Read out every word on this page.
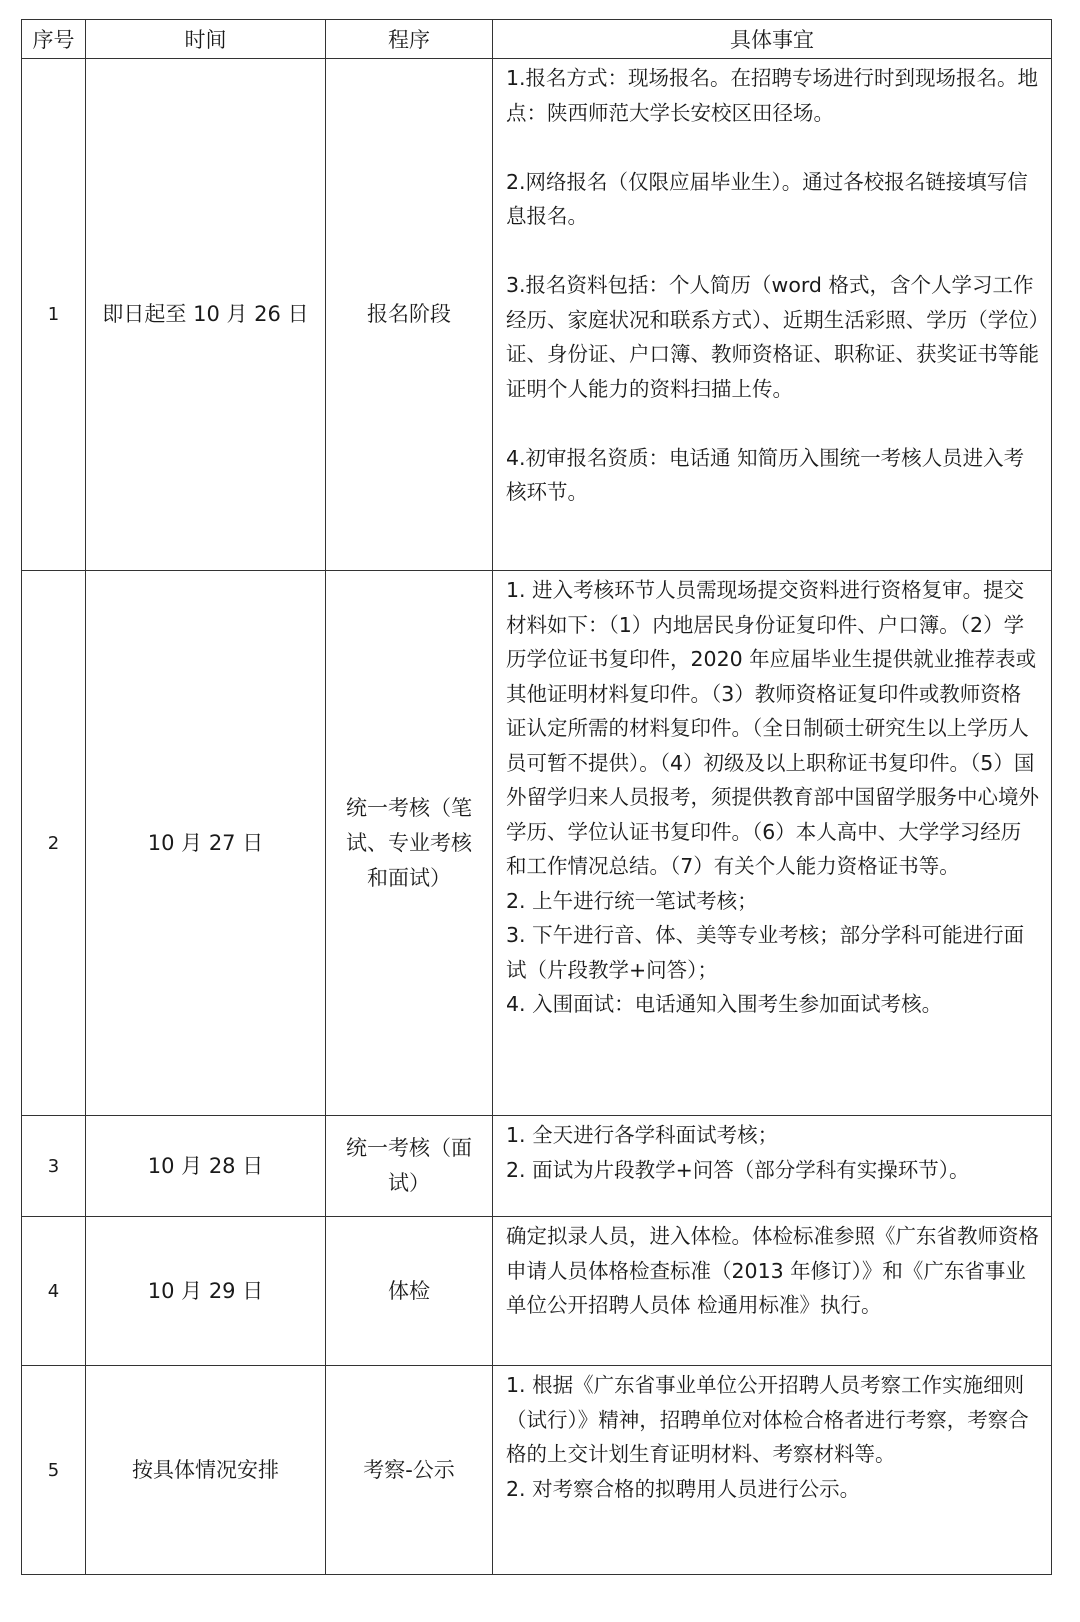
序号	时间	程序	具体事宜
1	即日起至 10 月 26 日	报名阶段	1.报名方式：现场报名。在招聘专场进行时到现场报名。地点：陕西师范大学长安校区田径场。

2.网络报名（仅限应届毕业生）。通过各校报名链接填写信息报名。

3.报名资料包括：个人简历（word 格式，含个人学习工作经历、家庭状况和联系方式）、近期生活彩照、学历（学位）证、身份证、户口簿、教师资格证、职称证、获奖证书等能证明个人能力的资料扫描上传。

4.初审报名资质：电话通 知简历入围统一考核人员进入考核环节。

2	10 月 27 日	统一考核（笔试、专业考核和面试）	1. 进入考核环节人员需现场提交资料进行资格复审。提交材料如下：（1）内地居民身份证复印件、户口簿。（2）学历学位证书复印件，2020 年应届毕业生提供就业推荐表或其他证明材料复印件。（3）教师资格证复印件或教师资格证认定所需的材料复印件。（全日制硕士研究生以上学历人员可暂不提供）。（4）初级及以上职称证书复印件。（5）国外留学归来人员报考，须提供教育部中国留学服务中心境外学历、学位认证书复印件。（6）本人高中、大学学习经历和工作情况总结。（7）有关个人能力资格证书等。

2. 上午进行统一笔试考核；

3. 下午进行音、体、美等专业考核；部分学科可能进行面试（片段教学+问答）；

4. 入围面试：电话通知入围考生参加面试考核。

3	10 月 28 日	统一考核（面试）	1. 全天进行各学科面试考核；

2. 面试为片段教学+问答（部分学科有实操环节）。

4	10 月 29 日	体检	确定拟录人员，进入体检。体检标准参照《广东省教师资格申请人员体格检查标准（2013 年修订）》和《广东省事业单位公开招聘人员体 检通用标准》执行。

5	按具体情况安排	考察-公示	1. 根据《广东省事业单位公开招聘人员考察工作实施细则（试行）》精神，招聘单位对体检合格者进行考察，考察合格的上交计划生育证明材料、考察材料等。

2. 对考察合格的拟聘用人员进行公示。
